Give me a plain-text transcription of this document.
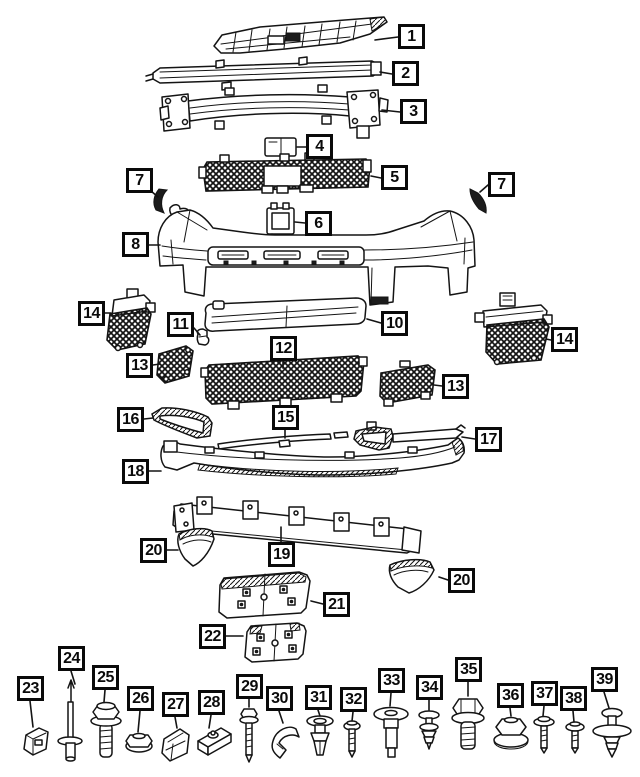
1
2
3
4
5
7	7
6
8
14
11	10
12
14
13
13
16	15
17
18
20	19
20
21
22
23
24
25
26	27	28
29
30	31	32
33	34
35
36	37 38
39
